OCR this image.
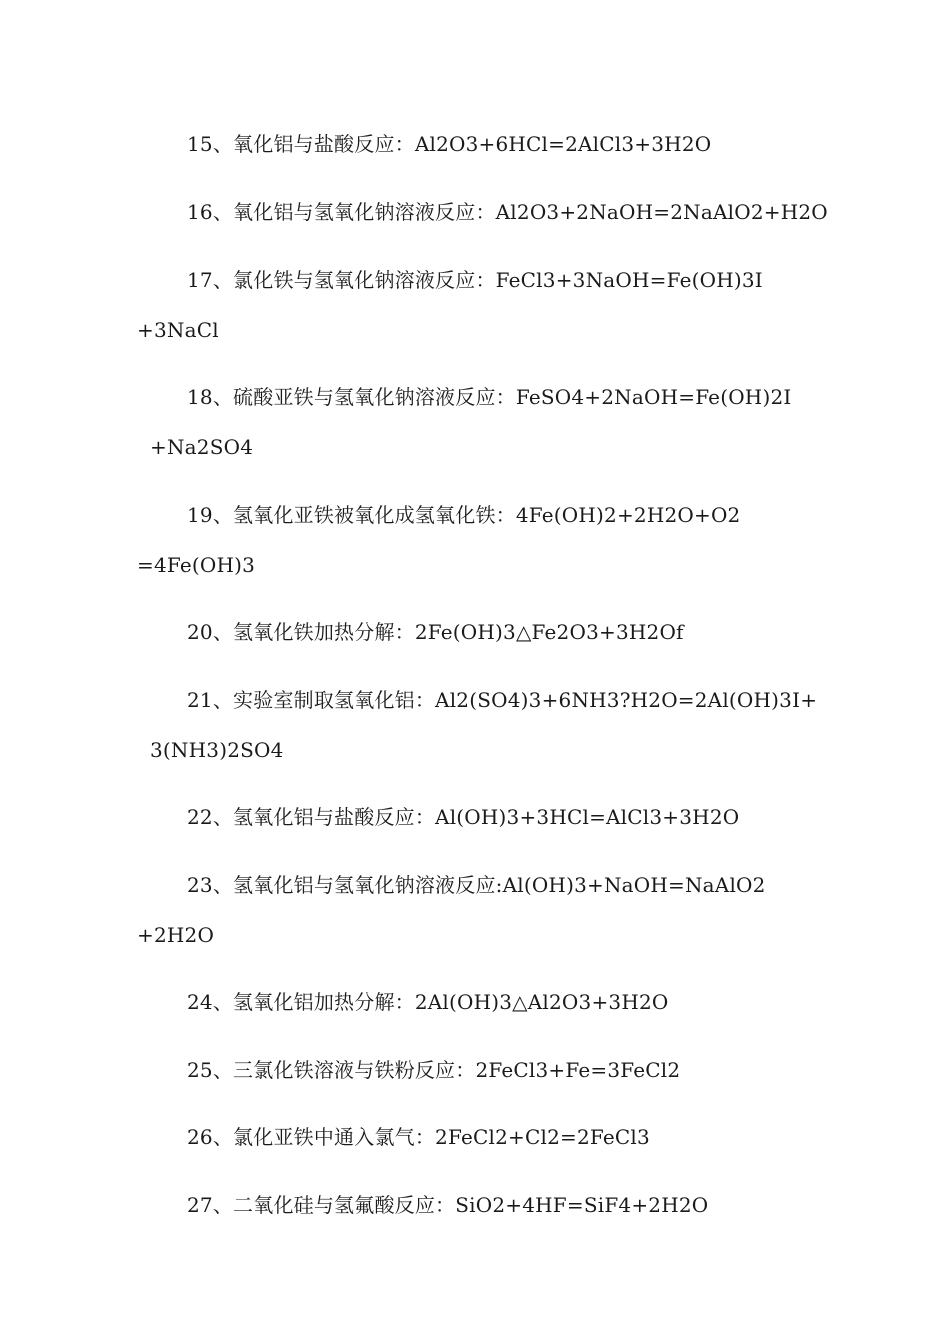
15、氧化铝与盐酸反应：Al2O3+6HCl=2AlCl3+3H2O
16、氧化铝与氢氧化钠溶液反应：Al2O3+2NaOH=2NaAlO2+H2O
17、氯化铁与氢氧化钠溶液反应：FeCl3+3NaOH=Fe(OH)3I
+3NaCl
18、硫酸亚铁与氢氧化钠溶液反应：FeSO4+2NaOH=Fe(OH)2I
+Na2SO4
19、氢氧化亚铁被氧化成氢氧化铁：4Fe(OH)2+2H2O+O2
=4Fe(OH)3
20、氢氧化铁加热分解：2Fe(OH)3△Fe2O3+3H2Of
21、实验室制取氢氧化铝：Al2(SO4)3+6NH3?H2O=2Al(OH)3I+
3(NH3)2SO4
22、氢氧化铝与盐酸反应：Al(OH)3+3HCl=AlCl3+3H2O
23、氢氧化铝与氢氧化钠溶液反应:Al(OH)3+NaOH=NaAlO2
+2H2O
24、氢氧化铝加热分解：2Al(OH)3△Al2O3+3H2O
25、三氯化铁溶液与铁粉反应：2FeCl3+Fe=3FeCl2
26、氯化亚铁中通入氯气：2FeCl2+Cl2=2FeCl3
27、二氧化硅与氢氟酸反应：SiO2+4HF=SiF4+2H2O
